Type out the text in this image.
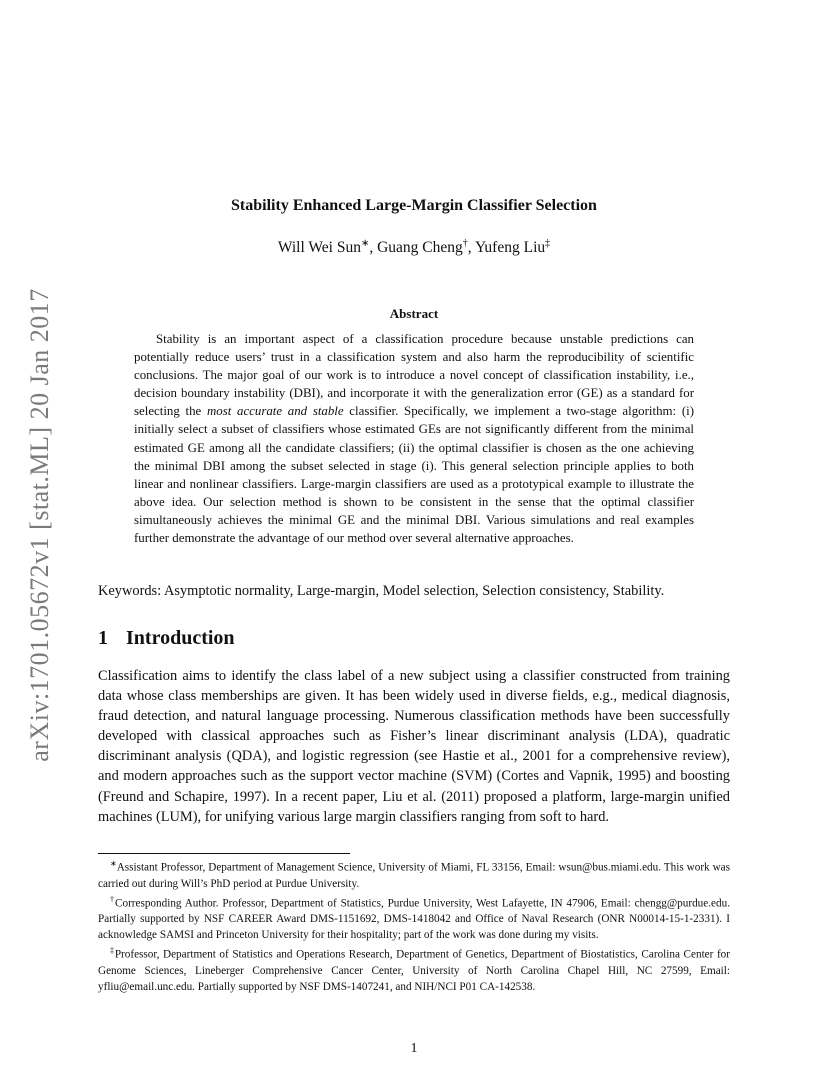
arXiv:1701.05672v1 [stat.ML] 20 Jan 2017
Stability Enhanced Large-Margin Classifier Selection
Will Wei Sun∗, Guang Cheng†, Yufeng Liu‡
Abstract

Stability is an important aspect of a classification procedure because unstable predictions can potentially reduce users’ trust in a classification system and also harm the reproducibility of scientific conclusions. The major goal of our work is to introduce a novel concept of classification instability, i.e., decision boundary instability (DBI), and incorporate it with the generalization error (GE) as a standard for selecting the most accurate and stable classifier. Specifically, we implement a two-stage algorithm: (i) initially select a subset of classifiers whose estimated GEs are not significantly different from the minimal estimated GE among all the candidate classifiers; (ii) the optimal classifier is chosen as the one achieving the minimal DBI among the subset selected in stage (i). This general selection principle applies to both linear and nonlinear classifiers. Large-margin classifiers are used as a prototypical example to illustrate the above idea. Our selection method is shown to be consistent in the sense that the optimal classifier simultaneously achieves the minimal GE and the minimal DBI. Various simulations and real examples further demonstrate the advantage of our method over several alternative approaches.

Keywords: Asymptotic normality, Large-margin, Model selection, Selection consistency, Stability.

1 Introduction

Classification aims to identify the class label of a new subject using a classifier constructed from training data whose class memberships are given. It has been widely used in diverse fields, e.g., medical diagnosis, fraud detection, and natural language processing. Numerous classification methods have been successfully developed with classical approaches such as Fisher’s linear discriminant analysis (LDA), quadratic discriminant analysis (QDA), and logistic regression (see Hastie et al., 2001 for a comprehensive review), and modern approaches such as the support vector machine (SVM) (Cortes and Vapnik, 1995) and boosting (Freund and Schapire, 1997). In a recent paper, Liu et al. (2011) proposed a platform, large-margin unified machines (LUM), for unifying various large margin classifiers ranging from soft to hard.

∗Assistant Professor, Department of Management Science, University of Miami, FL 33156, Email: wsun@bus.miami.edu. This work was carried out during Will’s PhD period at Purdue University.

†Corresponding Author. Professor, Department of Statistics, Purdue University, West Lafayette, IN 47906, Email: chengg@purdue.edu. Partially supported by NSF CAREER Award DMS-1151692, DMS-1418042 and Office of Naval Research (ONR N00014-15-1-2331). I acknowledge SAMSI and Princeton University for their hospitality; part of the work was done during my visits.

‡Professor, Department of Statistics and Operations Research, Department of Genetics, Department of Biostatistics, Carolina Center for Genome Sciences, Lineberger Comprehensive Cancer Center, University of North Carolina Chapel Hill, NC 27599, Email: yfliu@email.unc.edu. Partially supported by NSF DMS-1407241, and NIH/NCI P01 CA-142538.

1
